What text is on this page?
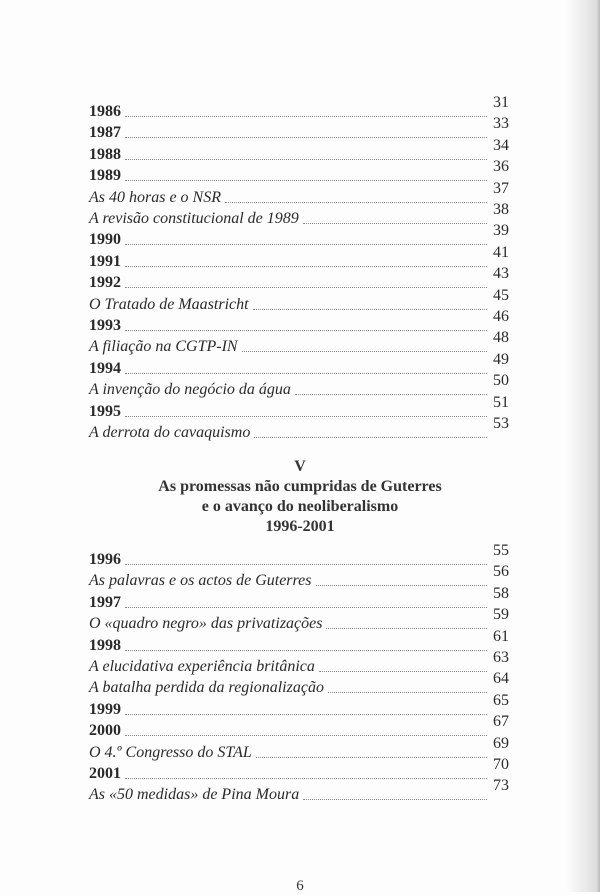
1986
31
1987
33
1988
34
1989
36
As 40 horas e o NSR
37
A revisão constitucional de 1989
38
1990
39
1991
41
1992
43
O Tratado de Maastricht
45
1993
46
A filiação na CGTP-IN
48
1994
49
A invenção do negócio da água
50
1995
51
A derrota do cavaquismo
53
V
As promessas não cumpridas de Guterres
e o avanço do neoliberalismo
1996-2001
1996
55
As palavras e os actos de Guterres
56
1997
58
O «quadro negro» das privatizações
59
1998
61
A elucidativa experiência britânica
63
A batalha perdida da regionalização
64
1999
65
2000
67
O 4.º Congresso do STAL
69
2001
70
As «50 medidas» de Pina Moura
73
6
